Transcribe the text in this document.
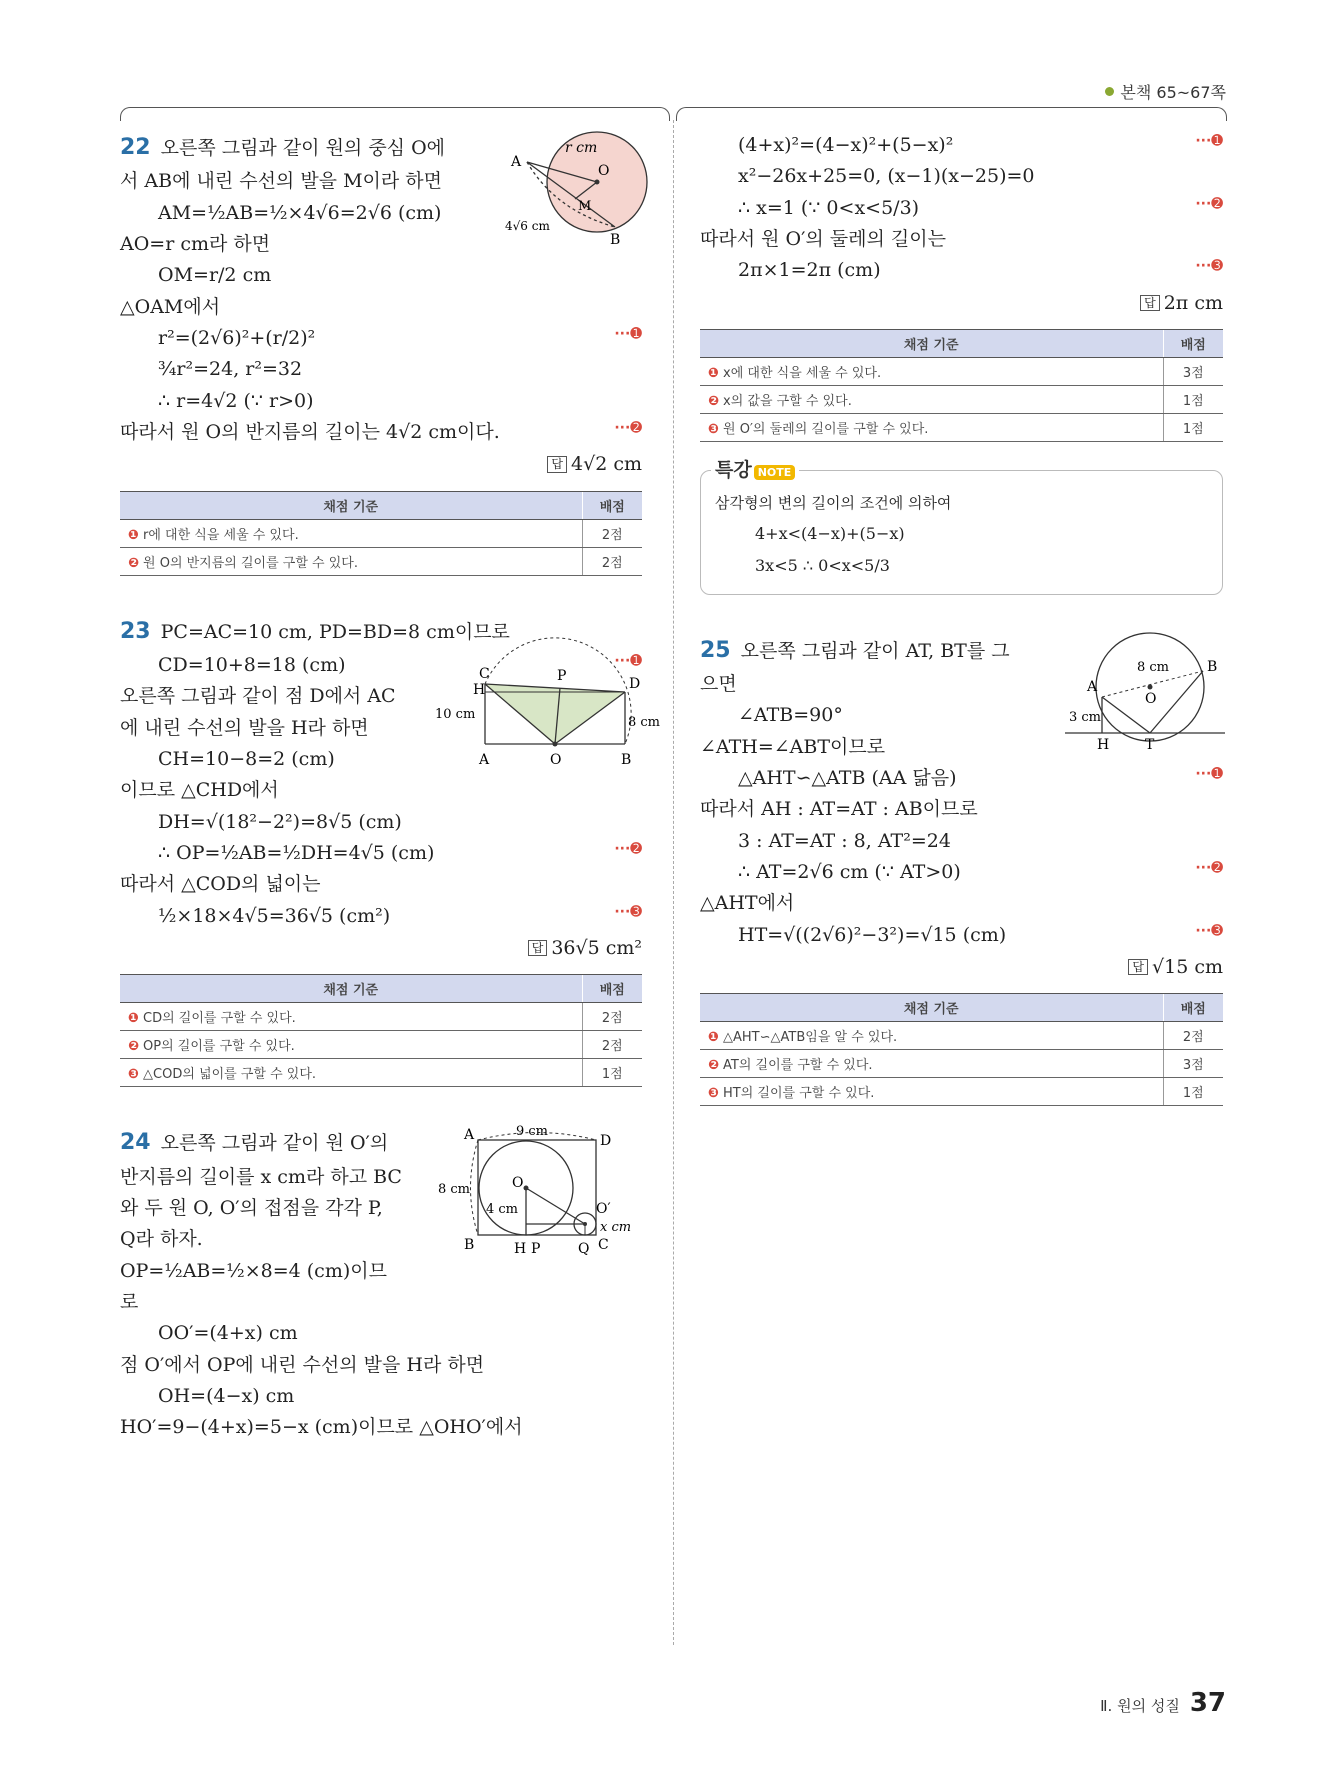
본책 65~67쪽
22 오른쪽 그림과 같이 원의 중심 O에
서 AB에 내린 수선의 발을 M이라 하면
AM=½AB=½×4√6=2√6 (cm)
AO=r cm라 하면
OM=r/2 cm
△OAM에서
r²=(2√6)²+(r/2)²	···➊
¾r²=24, r²=32
∴ r=4√2 (∵ r>0)
따라서 원 O의 반지름의 길이는 4√2 cm이다.	···➋
답 4√2 cm
r cm
A
O
M
B
4√6 cm
채점 기준	배점
❶ r에 대한 식을 세울 수 있다.	2점
❷ 원 O의 반지름의 길이를 구할 수 있다.	2점
23 PC=AC=10 cm, PD=BD=8 cm이므로
CD=10+8=18 (cm)	···➊
오른쪽 그림과 같이 점 D에서 AC
에 내린 수선의 발을 H라 하면
CH=10−8=2 (cm)
이므로 △CHD에서
DH=√(18²−2²)=8√5 (cm)
∴ OP=½AB=½DH=4√5 (cm)	···➋
따라서 △COD의 넓이는
½×18×4√5=36√5 (cm²)	···➌
답 36√5 cm²
C	P	D
H
A	O	B
10 cm
8 cm
채점 기준	배점
❶ CD의 길이를 구할 수 있다.	2점
❷ OP의 길이를 구할 수 있다.	2점
❸ △COD의 넓이를 구할 수 있다.	1점
24 오른쪽 그림과 같이 원 O′의
반지름의 길이를 x cm라 하고 BC
와 두 원 O, O′의 접점을 각각 P,
Q라 하자.
OP=½AB=½×8=4 (cm)이므
로
OO′=(4+x) cm
점 O′에서 OP에 내린 수선의 발을 H라 하면
OH=(4−x) cm
HO′=9−(4+x)=5−x (cm)이므로 △OHO′에서
A	D
B	C
O
O′
H P	Q
9 cm
8 cm
4 cm
x cm
(4+x)²=(4−x)²+(5−x)²	···➊
x²−26x+25=0, (x−1)(x−25)=0
∴ x=1 (∵ 0<x<5/3)	···➋
따라서 원 O′의 둘레의 길이는
2π×1=2π (cm)	···➌
답 2π cm
채점 기준	배점
❶ x에 대한 식을 세울 수 있다.	3점
❷ x의 값을 구할 수 있다.	1점
❸ 원 O′의 둘레의 길이를 구할 수 있다.	1점
특강 NOTE
삼각형의 변의 길이의 조건에 의하여
4+x<(4−x)+(5−x)
3x<5 ∴ 0<x<5/3
25 오른쪽 그림과 같이 AT, BT를 그
으면
∠ATB=90°
∠ATH=∠ABT이므로
△AHT∽△ATB (AA 닮음)	···➊
따라서 AH : AT=AT : AB이므로
3 : AT=AT : 8, AT²=24
∴ AT=2√6 cm (∵ AT>0)	···➋
△AHT에서
HT=√((2√6)²−3²)=√15 (cm)	···➌
답 √15 cm
A
B
O
H	T
8 cm
3 cm
채점 기준	배점
❶ △AHT∽△ATB임을 알 수 있다.	2점
❷ AT의 길이를 구할 수 있다.	3점
❸ HT의 길이를 구할 수 있다.	1점
Ⅱ. 원의 성질 37
